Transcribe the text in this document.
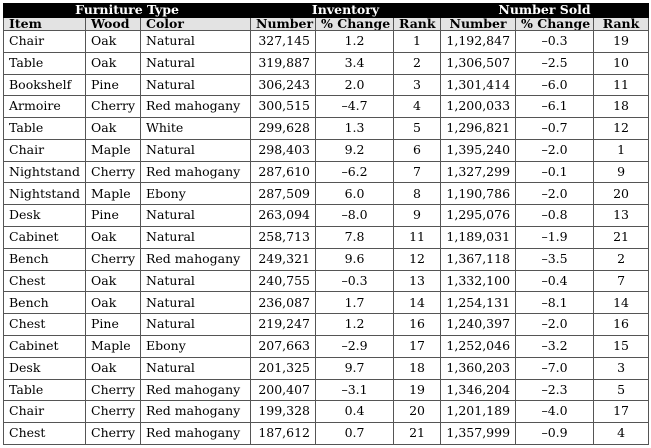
Furniture Type			Inventory			Number Sold		
Item	Wood	Color	Number	% Change	Rank	Number	% Change	Rank
Chair	Oak	Natural	327,145	1.2	1	1,192,847	–0.3	19
Table	Oak	Natural	319,887	3.4	2	1,306,507	–2.5	10
Bookshelf	Pine	Natural	306,243	2.0	3	1,301,414	–6.0	11
Armoire	Cherry	Red mahogany	300,515	–4.7	4	1,200,033	–6.1	18
Table	Oak	White	299,628	1.3	5	1,296,821	–0.7	12
Chair	Maple	Natural	298,403	9.2	6	1,395,240	–2.0	1
Nightstand	Cherry	Red mahogany	287,610	–6.2	7	1,327,299	–0.1	9
Nightstand	Maple	Ebony	287,509	6.0	8	1,190,786	–2.0	20
Desk	Pine	Natural	263,094	–8.0	9	1,295,076	–0.8	13
Cabinet	Oak	Natural	258,713	7.8	11	1,189,031	–1.9	21
Bench	Cherry	Red mahogany	249,321	9.6	12	1,367,118	–3.5	2
Chest	Oak	Natural	240,755	–0.3	13	1,332,100	–0.4	7
Bench	Oak	Natural	236,087	1.7	14	1,254,131	–8.1	14
Chest	Pine	Natural	219,247	1.2	16	1,240,397	–2.0	16
Cabinet	Maple	Ebony	207,663	–2.9	17	1,252,046	–3.2	15
Desk	Oak	Natural	201,325	9.7	18	1,360,203	–7.0	3
Table	Cherry	Red mahogany	200,407	–3.1	19	1,346,204	–2.3	5
Chair	Cherry	Red mahogany	199,328	0.4	20	1,201,189	–4.0	17
Chest	Cherry	Red mahogany	187,612	0.7	21	1,357,999	–0.9	4
